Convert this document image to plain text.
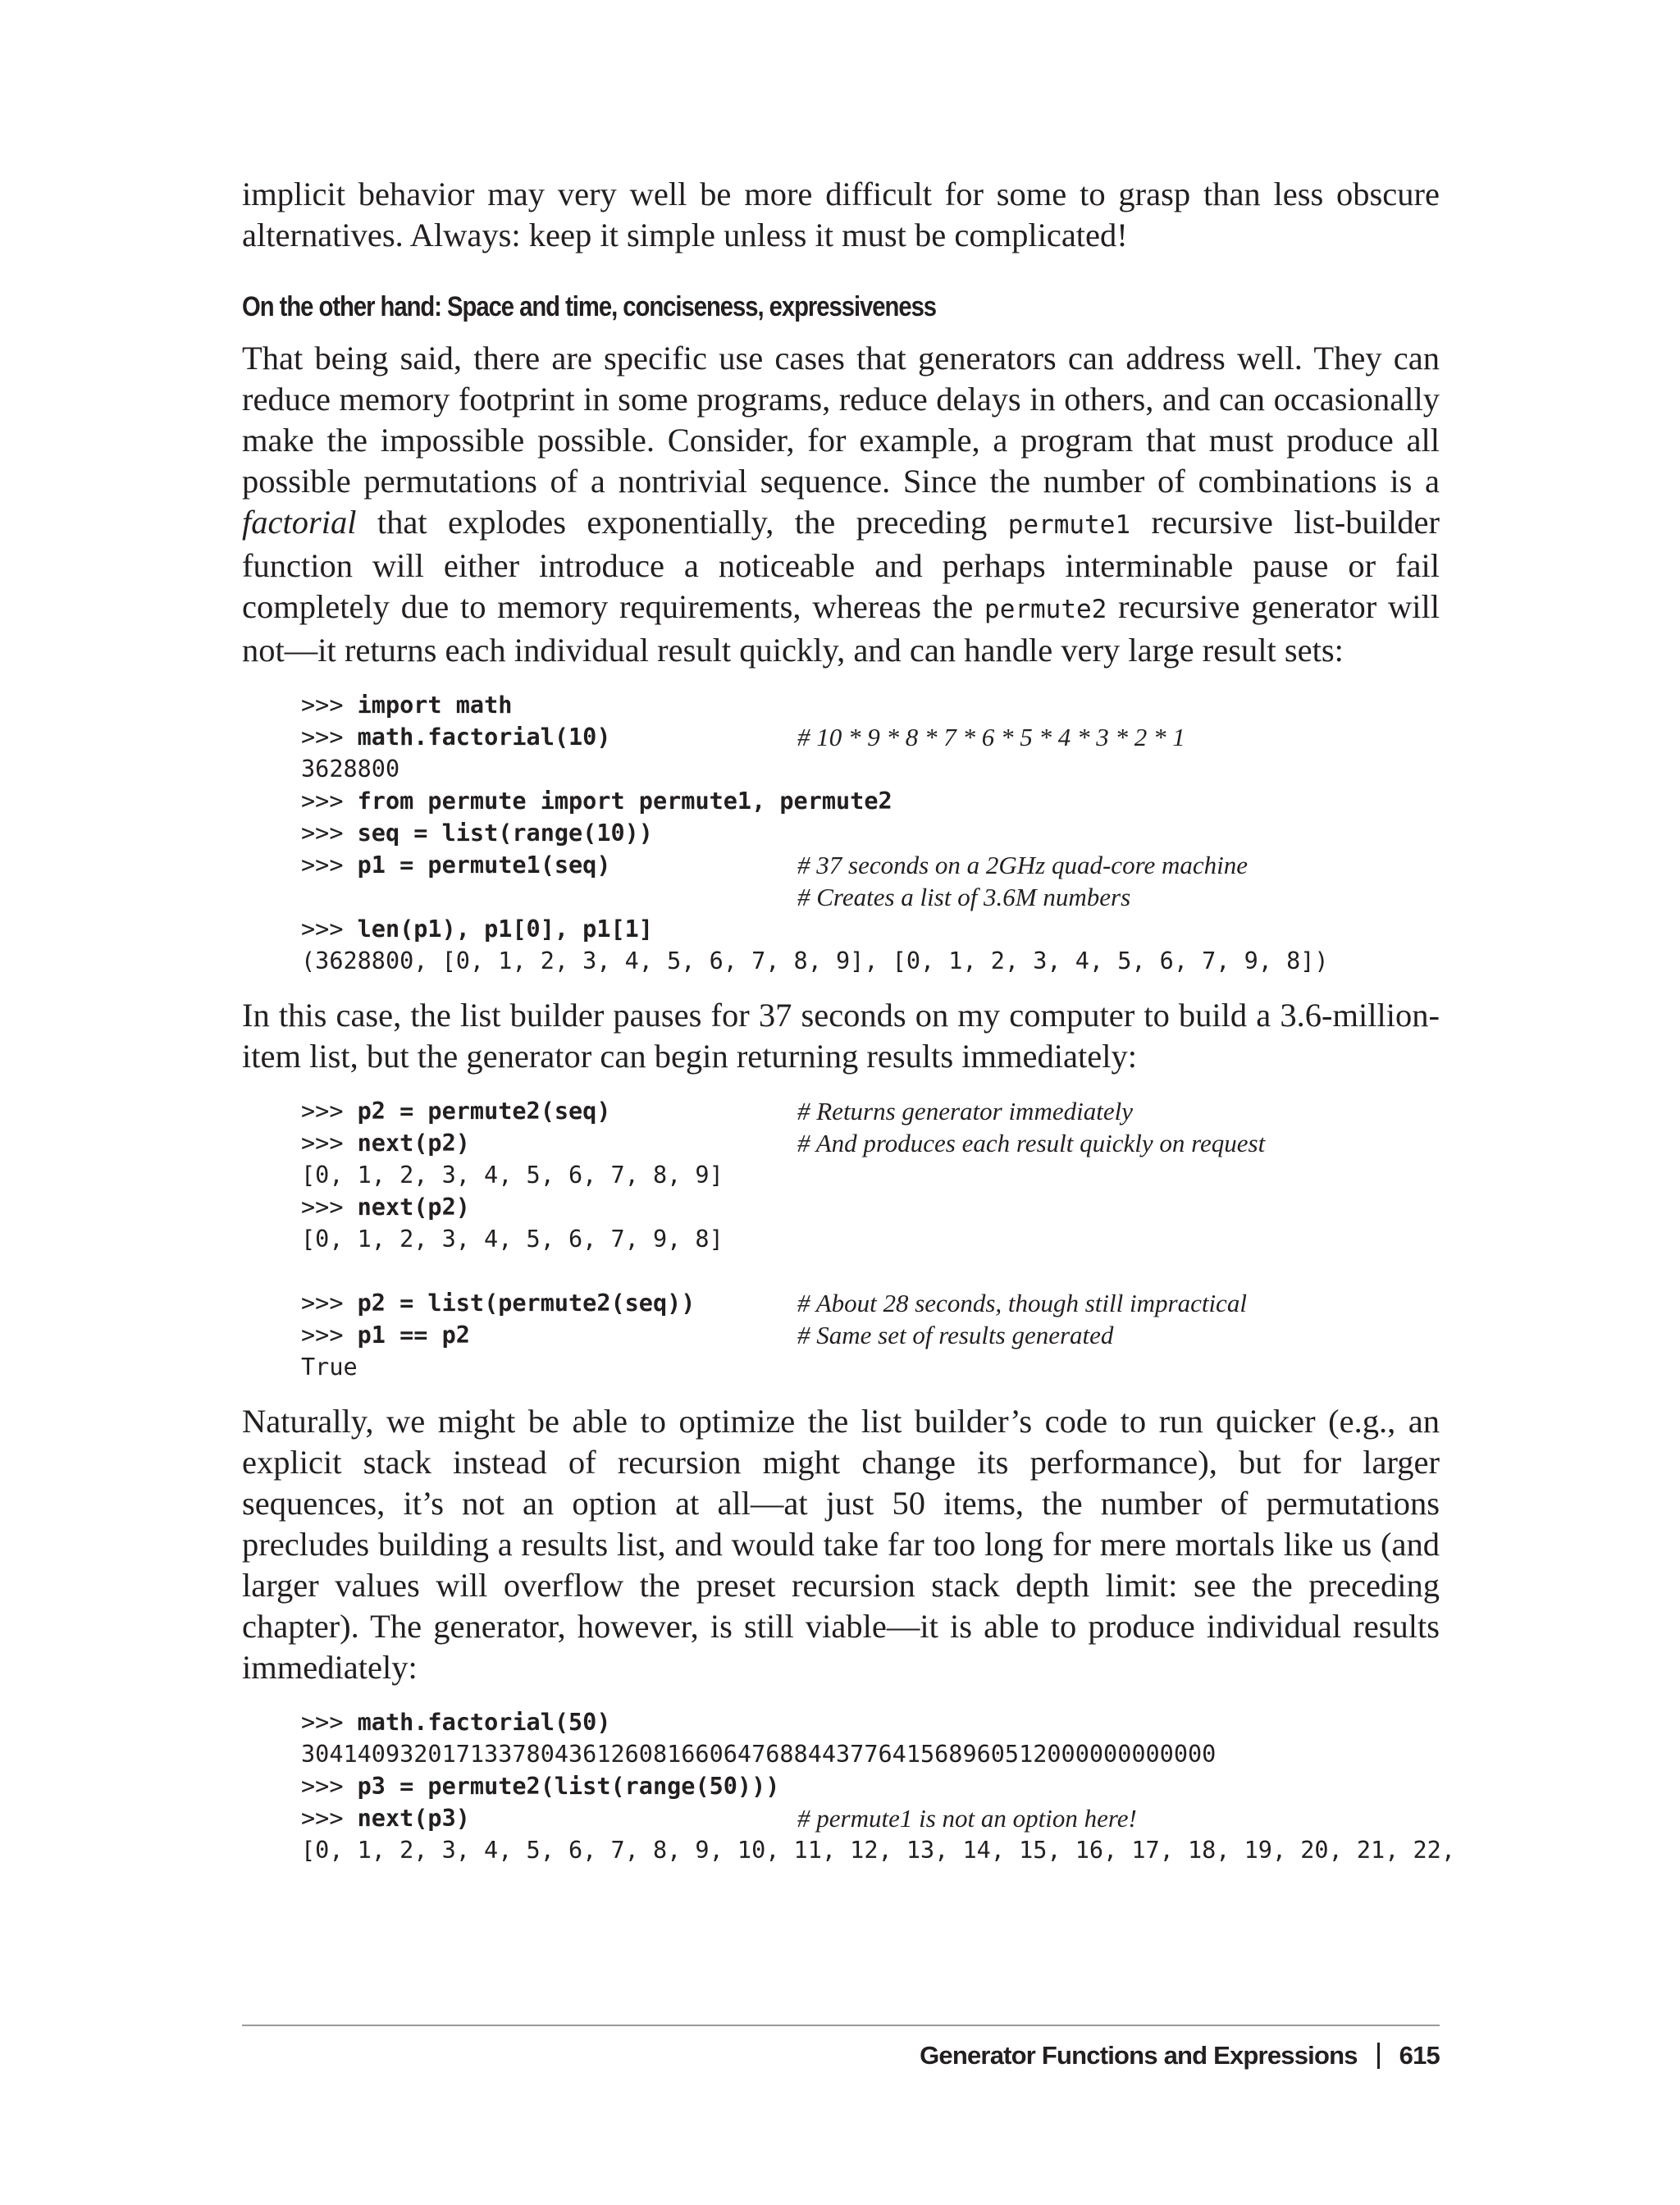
implicit behavior may very well be more difficult for some to grasp than less obscure alternatives. Always: keep it simple unless it must be complicated!

On the other hand: Space and time, conciseness, expressiveness

That being said, there are specific use cases that generators can address well. They can reduce memory footprint in some programs, reduce delays in others, and can occasionally make the impossible possible. Consider, for example, a program that must produce all possible permutations of a nontrivial sequence. Since the number of combinations is a factorial that explodes exponentially, the preceding permute1 recursive list-builder function will either introduce a noticeable and perhaps interminable pause or fail completely due to memory requirements, whereas the permute2 recursive generator will not—it returns each individual result quickly, and can handle very large result sets:

>>> import math
>>> math.factorial(10)	# 10 * 9 * 8 * 7 * 6 * 5 * 4 * 3 * 2 * 1
3628800
>>> from permute import permute1, permute2
>>> seq = list(range(10))
>>> p1 = permute1(seq)	# 37 seconds on a 2GHz quad-core machine
# Creates a list of 3.6M numbers
>>> len(p1), p1[0], p1[1]
(3628800, [0, 1, 2, 3, 4, 5, 6, 7, 8, 9], [0, 1, 2, 3, 4, 5, 6, 7, 9, 8])

In this case, the list builder pauses for 37 seconds on my computer to build a 3.6-million-item list, but the generator can begin returning results immediately:

>>> p2 = permute2(seq)	# Returns generator immediately
>>> next(p2)	# And produces each result quickly on request
[0, 1, 2, 3, 4, 5, 6, 7, 8, 9]
>>> next(p2)
[0, 1, 2, 3, 4, 5, 6, 7, 9, 8]
>>> p2 = list(permute2(seq))	# About 28 seconds, though still impractical
>>> p1 == p2	# Same set of results generated
True

Naturally, we might be able to optimize the list builder’s code to run quicker (e.g., an explicit stack instead of recursion might change its performance), but for larger sequences, it’s not an option at all—at just 50 items, the number of permutations precludes building a results list, and would take far too long for mere mortals like us (and larger values will overflow the preset recursion stack depth limit: see the preceding chapter). The generator, however, is still viable—it is able to produce individual results immediately:

>>> math.factorial(50)
30414093201713378043612608166064768844377641568960512000000000000
>>> p3 = permute2(list(range(50)))
>>> next(p3)	# permute1 is not an option here!
[0, 1, 2, 3, 4, 5, 6, 7, 8, 9, 10, 11, 12, 13, 14, 15, 16, 17, 18, 19, 20, 21, 22,
Generator Functions and Expressions 615
